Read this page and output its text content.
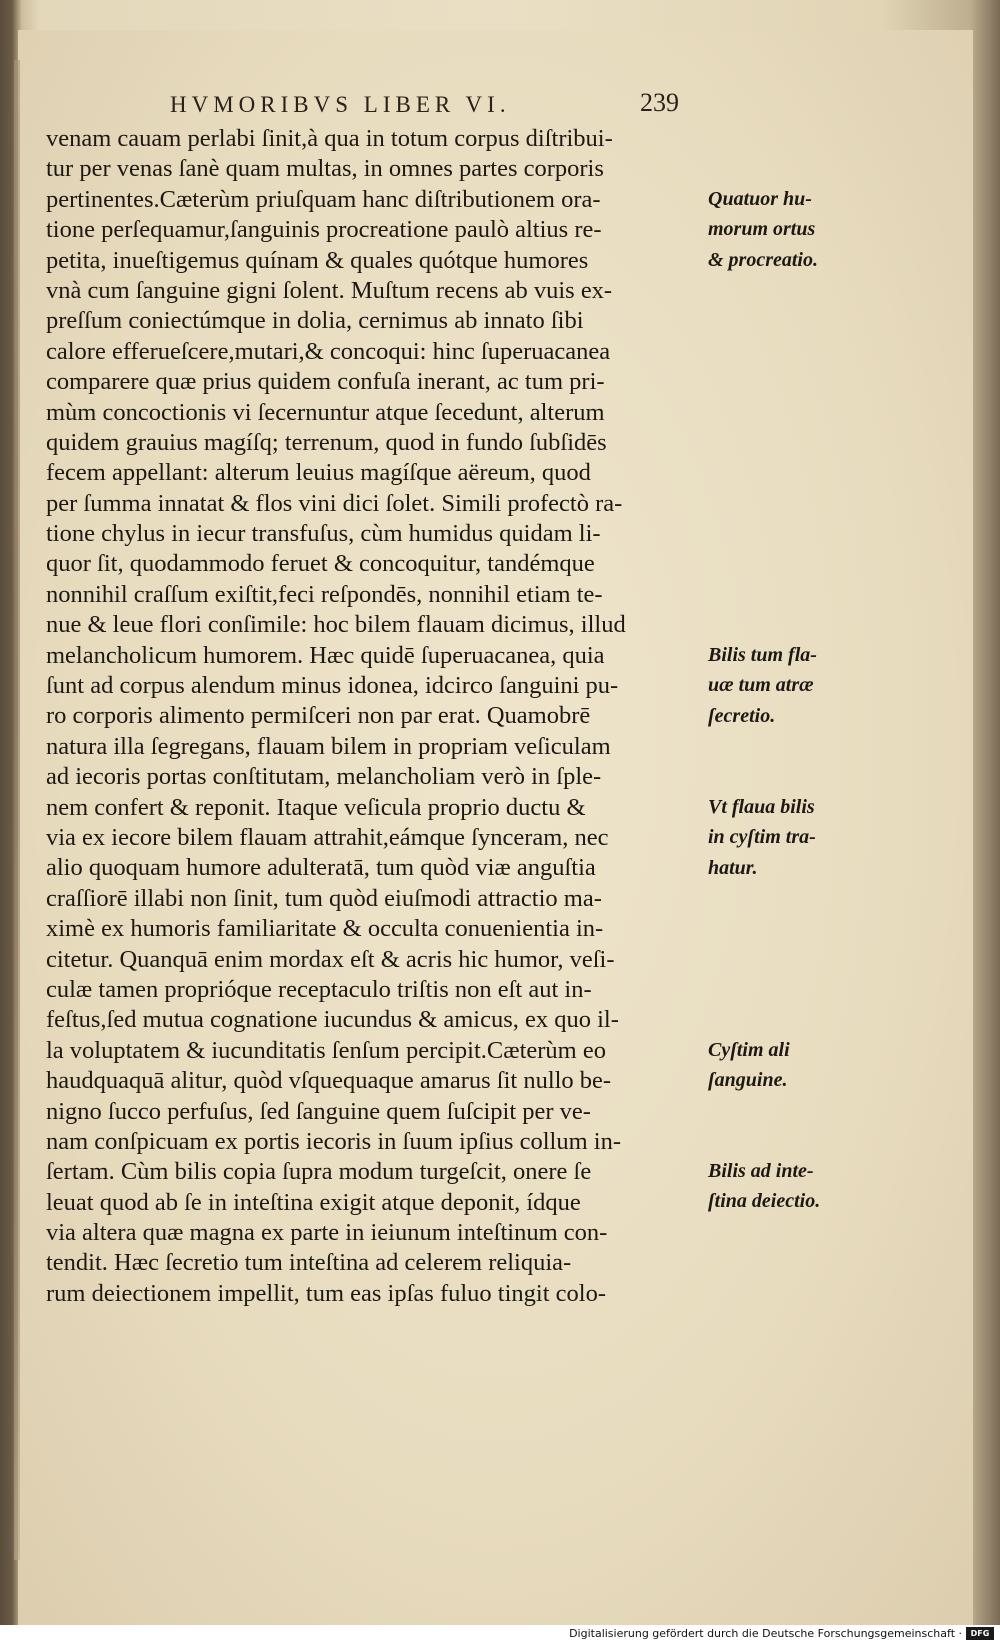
HVMORIBVS LIBER VI.	239
venam cauam perlabi ſinit,à qua in totum corpus diſtribui-
tur per venas ſanè quam multas, in omnes partes corporis
pertinentes.Cæterùm priuſquam hanc diſtributionem ora-
tione perſequamur,ſanguinis procreatione paulò altius re-
petita, inueſtigemus quínam & quales quótque humores
vnà cum ſanguine gigni ſolent. Muſtum recens ab vuis ex-
preſſum coniectúmque in dolia, cernimus ab innato ſibi
calore efferueſcere,mutari,& concoqui: hinc ſuperuacanea
comparere quæ prius quidem confuſa inerant, ac tum pri-
mùm concoctionis vi ſecernuntur atque ſecedunt, alterum
quidem grauius magíſq; terrenum, quod in fundo ſubſidēs
fecem appellant: alterum leuius magíſque aëreum, quod
per ſumma innatat & flos vini dici ſolet. Simili profectò ra-
tione chylus in iecur transfuſus, cùm humidus quidam li-
quor ſit, quodammodo feruet & concoquitur, tandémque
nonnihil craſſum exiſtit,feci reſpondēs, nonnihil etiam te-
nue & leue flori conſimile: hoc bilem flauam dicimus, illud
melancholicum humorem. Hæc quidē ſuperuacanea, quia
ſunt ad corpus alendum minus idonea, idcirco ſanguini pu-
ro corporis alimento permiſceri non par erat. Quamobrē
natura illa ſegregans, flauam bilem in propriam veſiculam
ad iecoris portas conſtitutam, melancholiam verò in ſple-
nem confert & reponit. Itaque veſicula proprio ductu &
via ex iecore bilem flauam attrahit,eámque ſynceram, nec
alio quoquam humore adulteratā, tum quòd viæ anguſtia
craſſiorē illabi non ſinit, tum quòd eiuſmodi attractio ma-
ximè ex humoris familiaritate & occulta conuenientia in-
citetur. Quanquā enim mordax eſt & acris hic humor, veſi-
culæ tamen proprióque receptaculo triſtis non eſt aut in-
feſtus,ſed mutua cognatione iucundus & amicus, ex quo il-
la voluptatem & iucunditatis ſenſum percipit.Cæterùm eo
haudquaquā alitur, quòd vſquequaque amarus ſit nullo be-
nigno ſucco perfuſus, ſed ſanguine quem ſuſcipit per ve-
nam conſpicuam ex portis iecoris in ſuum ipſius collum in-
ſertam. Cùm bilis copia ſupra modum turgeſcit, onere ſe
leuat quod ab ſe in inteſtina exigit atque deponit, ídque
via altera quæ magna ex parte in ieiunum inteſtinum con-
tendit. Hæc ſecretio tum inteſtina ad celerem reliquia-
rum deiectionem impellit, tum eas ipſas fuluo tingit colo-
Quatuor hu-
morum ortus
& procreatio.
Bilis tum fla-
uæ tum atræ
ſecretio.
Vt flaua bilis
in cyſtim tra-
hatur.
Cyſtim ali
ſanguine.
Bilis ad inte-
ſtina deiectio.
Digitalisierung gefördert durch die Deutsche Forschungsgemeinschaft ·	DFG
